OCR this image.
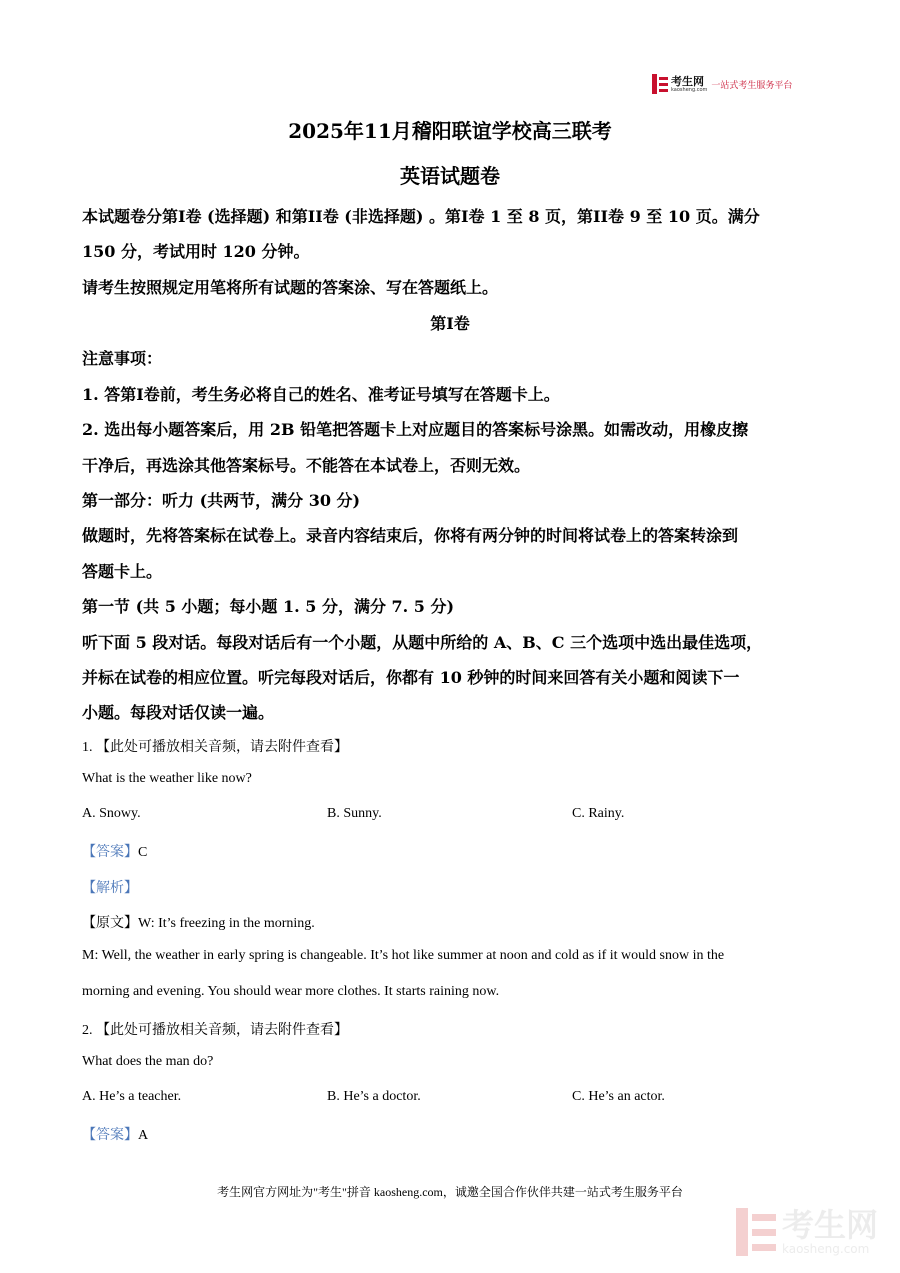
考生网
kaosheng.com 一站式考生服务平台
2025年11月稽阳联谊学校高三联考
英语试题卷
本试题卷分第I卷 (选择题) 和第II卷 (非选择题) 。第I卷 1 至 8 页，第II卷 9 至 10 页。满分
150 分，考试用时 120 分钟。
请考生按照规定用笔将所有试题的答案涂、写在答题纸上。
第I卷
注意事项：
1. 答第I卷前，考生务必将自己的姓名、准考证号填写在答题卡上。
2. 选出每小题答案后，用 2B 铅笔把答题卡上对应题目的答案标号涂黑。如需改动，用橡皮擦
干净后，再选涂其他答案标号。不能答在本试卷上，否则无效。
第一部分：听力 (共两节，满分 30 分)
做题时，先将答案标在试卷上。录音内容结束后，你将有两分钟的时间将试卷上的答案转涂到
答题卡上。
第一节 (共 5 小题；每小题 1. 5 分，满分 7. 5 分)
听下面 5 段对话。每段对话后有一个小题，从题中所给的 A、B、C 三个选项中选出最佳选项，
并标在试卷的相应位置。听完每段对话后，你都有 10 秒钟的时间来回答有关小题和阅读下一
小题。每段对话仅读一遍。
1. 【此处可播放相关音频，请去附件查看】
What is the weather like now?
A. Snowy.	B. Sunny.	C. Rainy.
【答案】C
【解析】
【原文】W: It’s freezing in the morning.
M: Well, the weather in early spring is changeable. It’s hot like summer at noon and cold as if it would snow in the
morning and evening. You should wear more clothes. It starts raining now.
2. 【此处可播放相关音频，请去附件查看】
What does the man do?
A. He’s a teacher.	B. He’s a doctor.	C. He’s an actor.
【答案】A
考生网官方网址为"考生"拼音 kaosheng.com，诚邀全国合作伙伴共建一站式考生服务平台
考生网
kaosheng.com
